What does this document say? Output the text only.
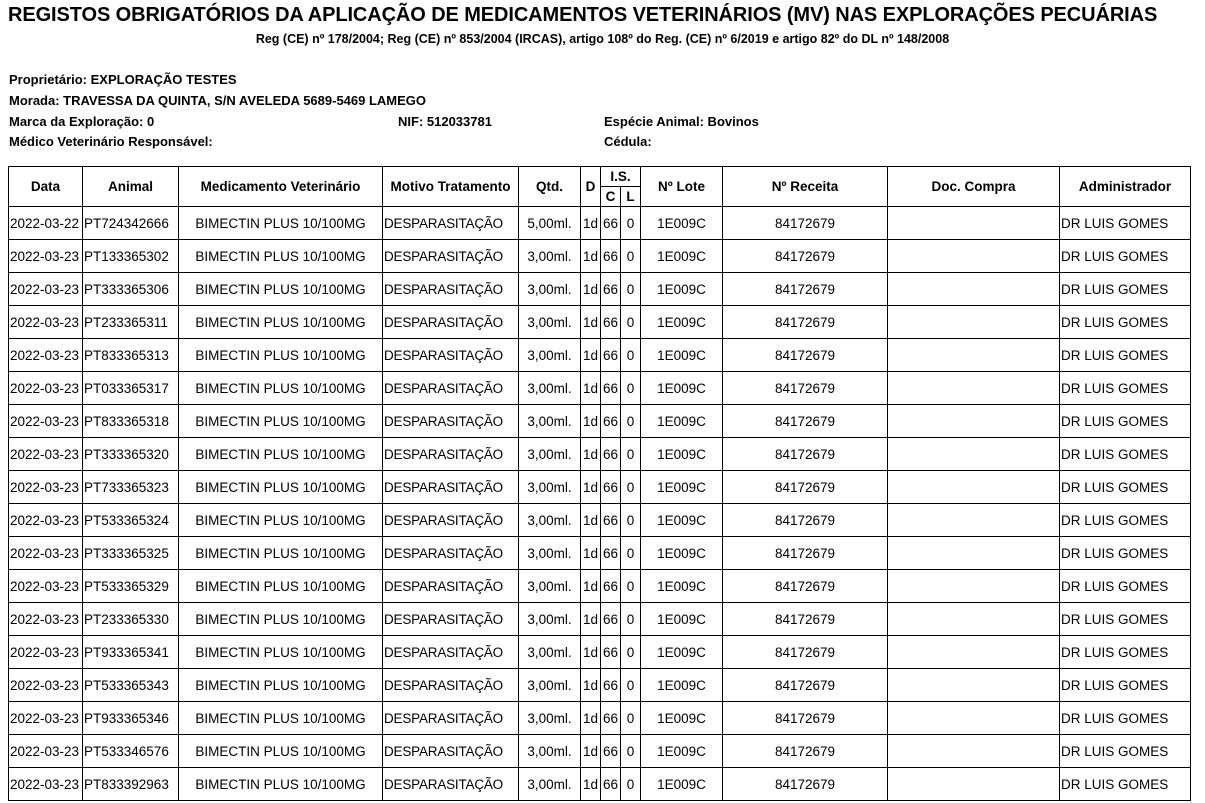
REGISTOS OBRIGATÓRIOS DA APLICAÇÃO DE MEDICAMENTOS VETERINÁRIOS (MV) NAS EXPLORAÇÕES PECUÁRIAS
Reg (CE) nº 178/2004; Reg (CE) nº 853/2004 (IRCAS), artigo 108º do Reg. (CE) nº 6/2019 e artigo 82º do DL nº 148/2008
Proprietário: EXPLORAÇÃO TESTES
Morada: TRAVESSA DA QUINTA, S/N AVELEDA 5689-5469 LAMEGO
Marca da Exploração: 0	NIF: 512033781	Espécie Animal: Bovinos
Médico Veterinário Responsável:	Cédula:
Data	Animal	Medicamento Veterinário	Motivo Tratamento	Qtd.	D	I.S.		Nº Lote	Nº Receita	Doc. Compra	Administrador
						C	L				
2022-03-22	PT724342666	BIMECTIN PLUS 10/100MG	DESPARASITAÇÃO	5,00ml.	1d	66	0	1E009C	84172679		DR LUIS GOMES
2022-03-23	PT133365302	BIMECTIN PLUS 10/100MG	DESPARASITAÇÃO	3,00ml.	1d	66	0	1E009C	84172679		DR LUIS GOMES
2022-03-23	PT333365306	BIMECTIN PLUS 10/100MG	DESPARASITAÇÃO	3,00ml.	1d	66	0	1E009C	84172679		DR LUIS GOMES
2022-03-23	PT233365311	BIMECTIN PLUS 10/100MG	DESPARASITAÇÃO	3,00ml.	1d	66	0	1E009C	84172679		DR LUIS GOMES
2022-03-23	PT833365313	BIMECTIN PLUS 10/100MG	DESPARASITAÇÃO	3,00ml.	1d	66	0	1E009C	84172679		DR LUIS GOMES
2022-03-23	PT033365317	BIMECTIN PLUS 10/100MG	DESPARASITAÇÃO	3,00ml.	1d	66	0	1E009C	84172679		DR LUIS GOMES
2022-03-23	PT833365318	BIMECTIN PLUS 10/100MG	DESPARASITAÇÃO	3,00ml.	1d	66	0	1E009C	84172679		DR LUIS GOMES
2022-03-23	PT333365320	BIMECTIN PLUS 10/100MG	DESPARASITAÇÃO	3,00ml.	1d	66	0	1E009C	84172679		DR LUIS GOMES
2022-03-23	PT733365323	BIMECTIN PLUS 10/100MG	DESPARASITAÇÃO	3,00ml.	1d	66	0	1E009C	84172679		DR LUIS GOMES
2022-03-23	PT533365324	BIMECTIN PLUS 10/100MG	DESPARASITAÇÃO	3,00ml.	1d	66	0	1E009C	84172679		DR LUIS GOMES
2022-03-23	PT333365325	BIMECTIN PLUS 10/100MG	DESPARASITAÇÃO	3,00ml.	1d	66	0	1E009C	84172679		DR LUIS GOMES
2022-03-23	PT533365329	BIMECTIN PLUS 10/100MG	DESPARASITAÇÃO	3,00ml.	1d	66	0	1E009C	84172679		DR LUIS GOMES
2022-03-23	PT233365330	BIMECTIN PLUS 10/100MG	DESPARASITAÇÃO	3,00ml.	1d	66	0	1E009C	84172679		DR LUIS GOMES
2022-03-23	PT933365341	BIMECTIN PLUS 10/100MG	DESPARASITAÇÃO	3,00ml.	1d	66	0	1E009C	84172679		DR LUIS GOMES
2022-03-23	PT533365343	BIMECTIN PLUS 10/100MG	DESPARASITAÇÃO	3,00ml.	1d	66	0	1E009C	84172679		DR LUIS GOMES
2022-03-23	PT933365346	BIMECTIN PLUS 10/100MG	DESPARASITAÇÃO	3,00ml.	1d	66	0	1E009C	84172679		DR LUIS GOMES
2022-03-23	PT533346576	BIMECTIN PLUS 10/100MG	DESPARASITAÇÃO	3,00ml.	1d	66	0	1E009C	84172679		DR LUIS GOMES
2022-03-23	PT833392963	BIMECTIN PLUS 10/100MG	DESPARASITAÇÃO	3,00ml.	1d	66	0	1E009C	84172679		DR LUIS GOMES
